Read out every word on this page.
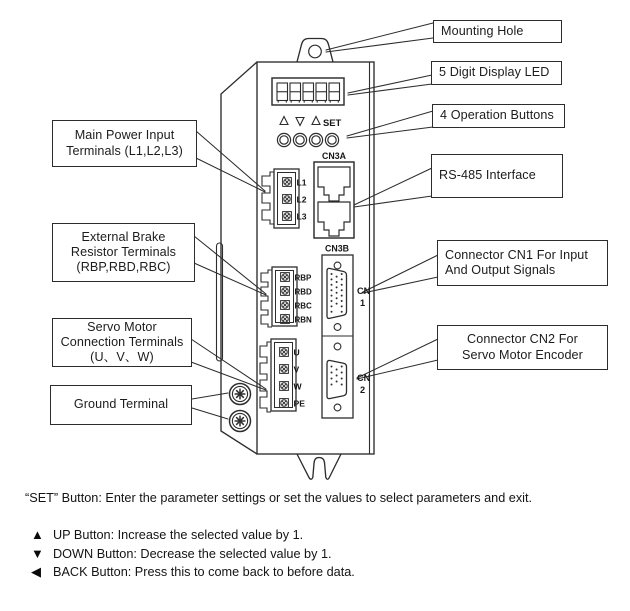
SET
CN3A
CN3B
L1
L2
L3
RBP
RBD
RBC
RBN
U
V
W
PE
CN
1
CN
2
Mounting Hole
5 Digit Display LED
4 Operation Buttons
RS-485 Interface
Connector CN1 For Input
And Output Signals
Connector CN2 For
Servo Motor Encoder
Main Power Input
Terminals (L1,L2,L3)
External Brake
Resistor Terminals
(RBP,RBD,RBC)
Servo Motor
Connection Terminals
(U、V、W)
Ground Terminal
“SET” Button: Enter the parameter settings or set the values to select parameters and exit.
▲ UP Button: Increase the selected value by 1.
▼ DOWN Button: Decrease the selected value by 1.
◀ BACK Button: Press this to come back to before data.
